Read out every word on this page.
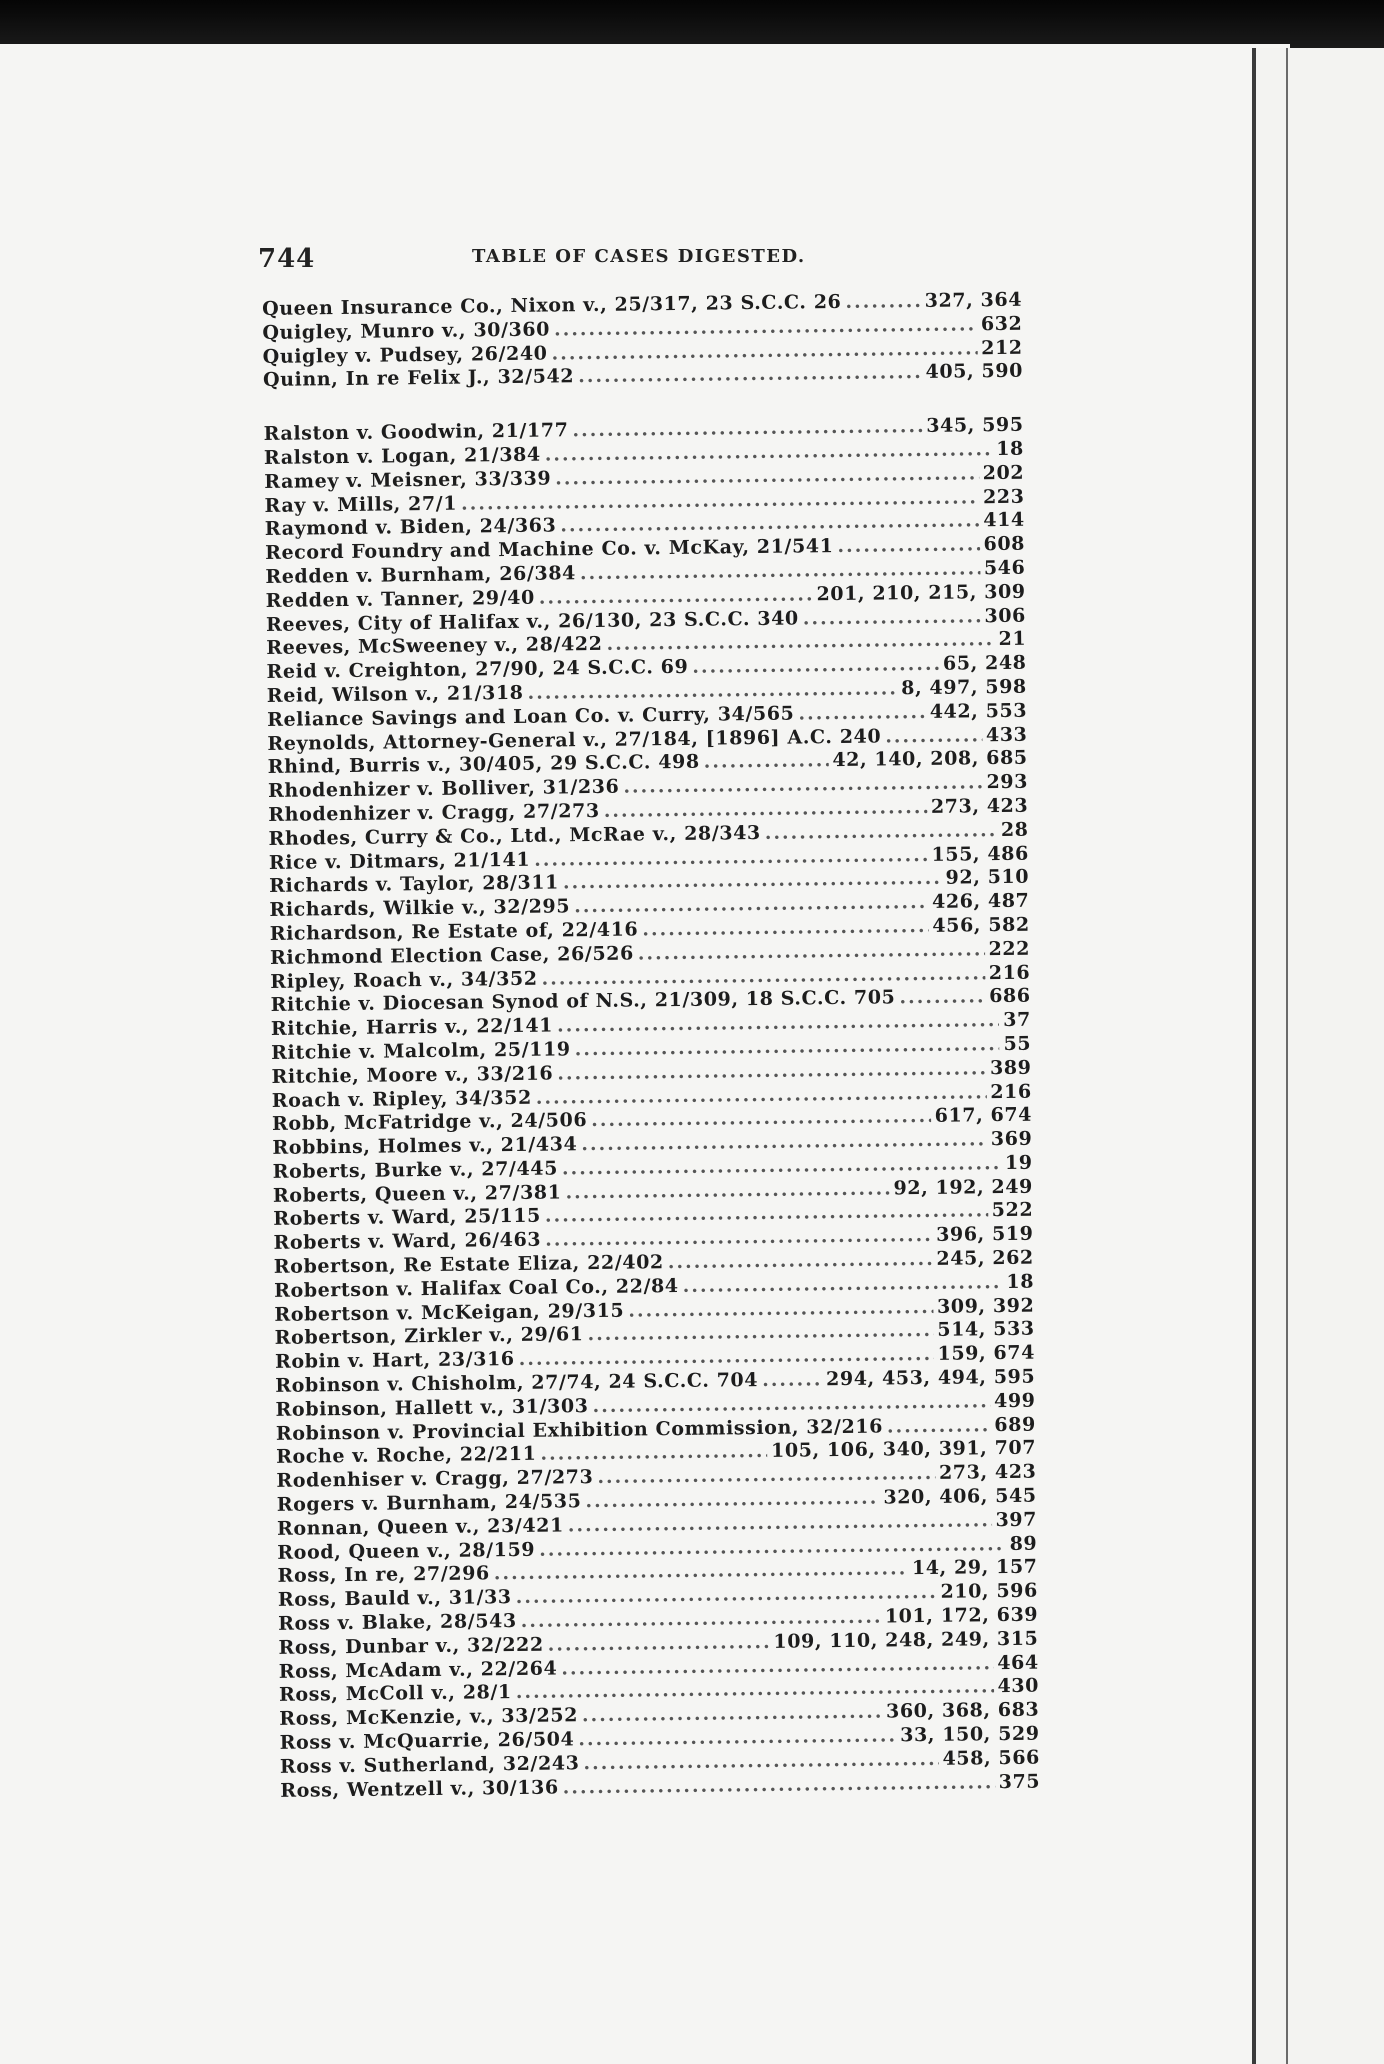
744	TABLE OF CASES DIGESTED.
Queen Insurance Co., Nixon v., 25/317, 23 S.C.C. 26 .....	327, 364
Quigley, Munro v., 30/360 .....	632
Quigley v. Pudsey, 26/240 .....	212
Quinn, In re Felix J., 32/542 .....	405, 590
Ralston v. Goodwin, 21/177 .....	345, 595
Ralston v. Logan, 21/384 .....	18
Ramey v. Meisner, 33/339 .....	202
Ray v. Mills, 27/1 .....	223
Raymond v. Biden, 24/363 .....	414
Record Foundry and Machine Co. v. McKay, 21/541 .....	608
Redden v. Burnham, 26/384 .....	546
Redden v. Tanner, 29/40 .....	201, 210, 215, 309
Reeves, City of Halifax v., 26/130, 23 S.C.C. 340 .....	306
Reeves, McSweeney v., 28/422 .....	21
Reid v. Creighton, 27/90, 24 S.C.C. 69 .....	65, 248
Reid, Wilson v., 21/318 .....	8, 497, 598
Reliance Savings and Loan Co. v. Curry, 34/565 .....	442, 553
Reynolds, Attorney-General v., 27/184, [1896] A.C. 240 .....	433
Rhind, Burris v., 30/405, 29 S.C.C. 498 .....	42, 140, 208, 685
Rhodenhizer v. Bolliver, 31/236 .....	293
Rhodenhizer v. Cragg, 27/273 .....	273, 423
Rhodes, Curry & Co., Ltd., McRae v., 28/343 .....	28
Rice v. Ditmars, 21/141 .....	155, 486
Richards v. Taylor, 28/311 .....	92, 510
Richards, Wilkie v., 32/295 .....	426, 487
Richardson, Re Estate of, 22/416 .....	456, 582
Richmond Election Case, 26/526 .....	222
Ripley, Roach v., 34/352 .....	216
Ritchie v. Diocesan Synod of N.S., 21/309, 18 S.C.C. 705 .....	686
Ritchie, Harris v., 22/141 .....	37
Ritchie v. Malcolm, 25/119 .....	55
Ritchie, Moore v., 33/216 .....	389
Roach v. Ripley, 34/352 .....	216
Robb, McFatridge v., 24/506 .....	617, 674
Robbins, Holmes v., 21/434 .....	369
Roberts, Burke v., 27/445 .....	19
Roberts, Queen v., 27/381 .....	92, 192, 249
Roberts v. Ward, 25/115 .....	522
Roberts v. Ward, 26/463 .....	396, 519
Robertson, Re Estate Eliza, 22/402 .....	245, 262
Robertson v. Halifax Coal Co., 22/84 .....	18
Robertson v. McKeigan, 29/315 .....	309, 392
Robertson, Zirkler v., 29/61 .....	514, 533
Robin v. Hart, 23/316 .....	159, 674
Robinson v. Chisholm, 27/74, 24 S.C.C. 704 .....	294, 453, 494, 595
Robinson, Hallett v., 31/303 .....	499
Robinson v. Provincial Exhibition Commission, 32/216 .....	689
Roche v. Roche, 22/211 .....	105, 106, 340, 391, 707
Rodenhiser v. Cragg, 27/273 .....	273, 423
Rogers v. Burnham, 24/535 .....	320, 406, 545
Ronnan, Queen v., 23/421 .....	397
Rood, Queen v., 28/159 .....	89
Ross, In re, 27/296 .....	14, 29, 157
Ross, Bauld v., 31/33 .....	210, 596
Ross v. Blake, 28/543 .....	101, 172, 639
Ross, Dunbar v., 32/222 .....	109, 110, 248, 249, 315
Ross, McAdam v., 22/264 .....	464
Ross, McColl v., 28/1 .....	430
Ross, McKenzie, v., 33/252 .....	360, 368, 683
Ross v. McQuarrie, 26/504 .....	33, 150, 529
Ross v. Sutherland, 32/243 .....	458, 566
Ross, Wentzell v., 30/136 .....	375
